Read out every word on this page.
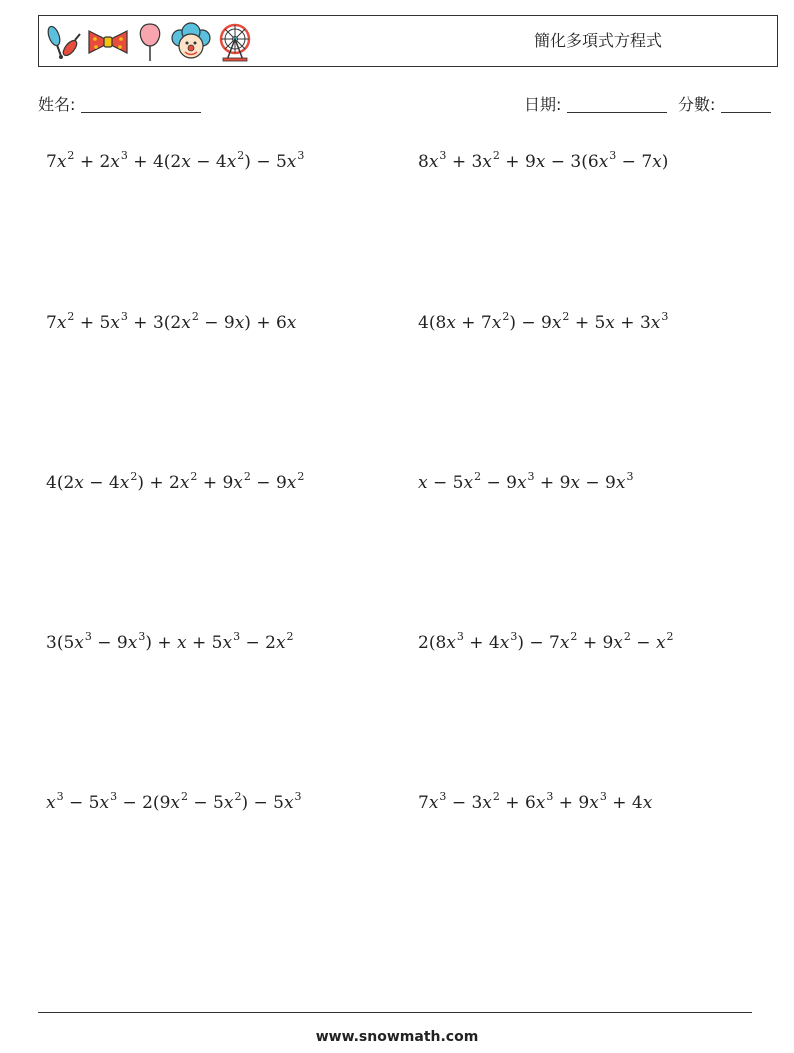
簡化多項式方程式
姓名:	日期:	分數:
$7x^2 + 2x^3 + 4(2x - 4x^2) - 5x^3$	$8x^3 + 3x^2 + 9x - 3(6x^3 - 7x)$
$7x^2 + 5x^3 + 3(2x^2 - 9x) + 6x$	$4(8x + 7x^2) - 9x^2 + 5x + 3x^3$
$4(2x - 4x^2) + 2x^2 + 9x^2 - 9x^2$	$x - 5x^2 - 9x^3 + 9x - 9x^3$
$3(5x^3 - 9x^3) + x + 5x^3 - 2x^2$	$2(8x^3 + 4x^3) - 7x^2 + 9x^2 - x^2$
$x^3 - 5x^3 - 2(9x^2 - 5x^2) - 5x^3$	$7x^3 - 3x^2 + 6x^3 + 9x^3 + 4x$
www.snowmath.com
